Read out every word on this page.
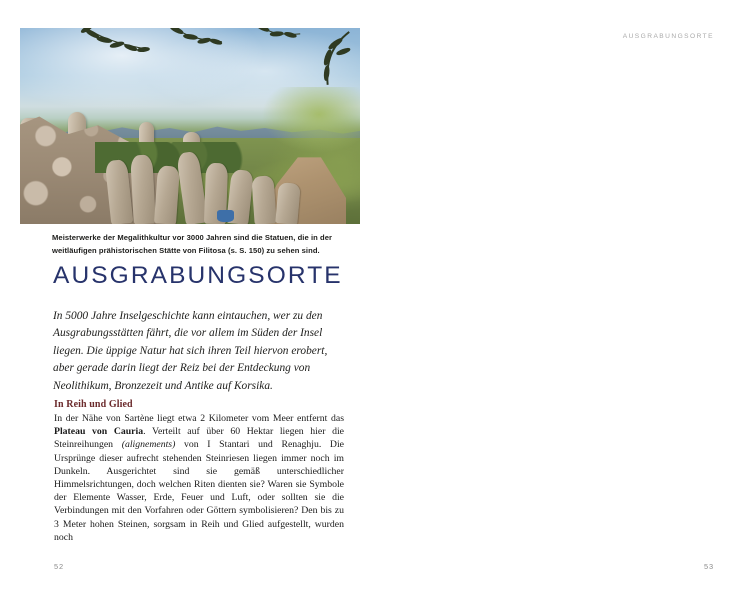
Meisterwerke der Megalithkultur vor 3000 Jahren sind die Statuen, die in der weitläufigen prähistorischen Stätte von Filitosa (s. S. 150) zu sehen sind.
AUSGRABUNGSORTE
In 5000 Jahre Inselgeschichte kann eintauchen, wer zu den Ausgrabungsstätten fährt, die vor allem im Süden der Insel liegen. Die üppige Natur hat sich ihren Teil hiervon erobert, aber gerade darin liegt der Reiz bei der Entdeckung von Neolithikum, Bronzezeit und Antike auf Korsika.
In Reih und Glied

In der Nähe von Sartène liegt etwa 2 Kilometer vom Meer entfernt das Plateau von Cauria. Verteilt auf über 60 Hektar liegen hier die Steinreihungen (alignements) von I Stantari und Renaghju. Die Ursprünge dieser aufrecht stehenden Steinriesen liegen immer noch im Dunkeln. Ausgerichtet sind sie gemäß unterschiedlicher Himmelsrichtungen, doch welchen Riten dienten sie? Waren sie Symbole der Elemente Wasser, Erde, Feuer und Luft, oder sollten sie die Verbindungen mit den Vorfahren oder Göttern symbolisieren? Den bis zu 3 Meter hohen Steinen, sorgsam in Reih und Glied aufgestellt, wurden noch

52
AUSGRABUNGSORTE

53
